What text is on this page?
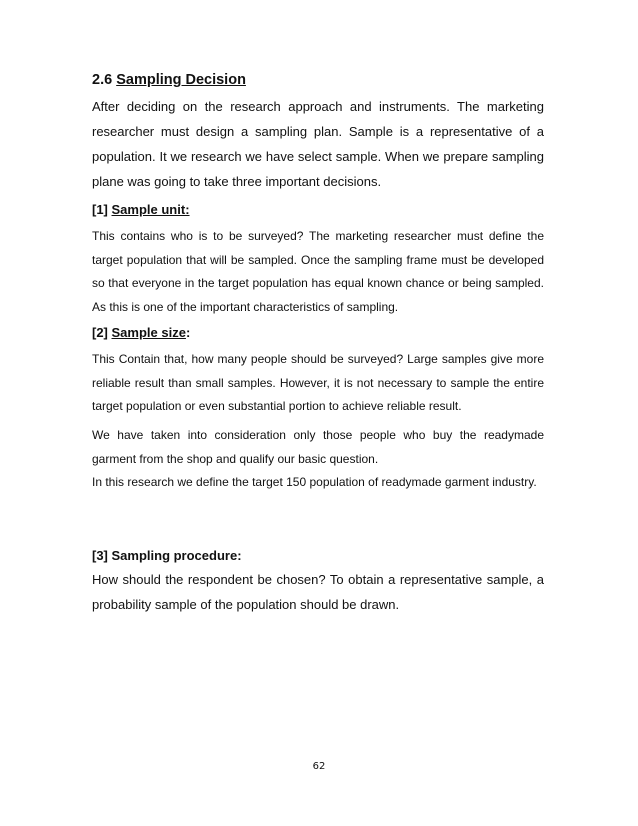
2.6 Sampling Decision
After deciding on the research approach and instruments. The marketing researcher must design a sampling plan. Sample is a representative of a population. It we research we have select sample. When we prepare sampling plane was going to take three important decisions.
[1] Sample unit:
This contains who is to be surveyed? The marketing researcher must define the target population that will be sampled. Once the sampling frame must be developed so that everyone in the target population has equal known chance or being sampled. As this is one of the important characteristics of sampling.
[2] Sample size:
This Contain that, how many people should be surveyed? Large samples give more reliable result than small samples. However, it is not necessary to sample the entire target population or even substantial portion to achieve reliable result.
We have taken into consideration only those people who buy the readymade garment from the shop and qualify our basic question.
In this research we define the target 150 population of readymade garment industry.
[3] Sampling procedure:
How should the respondent be chosen? To obtain a representative sample, a probability sample of the population should be drawn.
62
